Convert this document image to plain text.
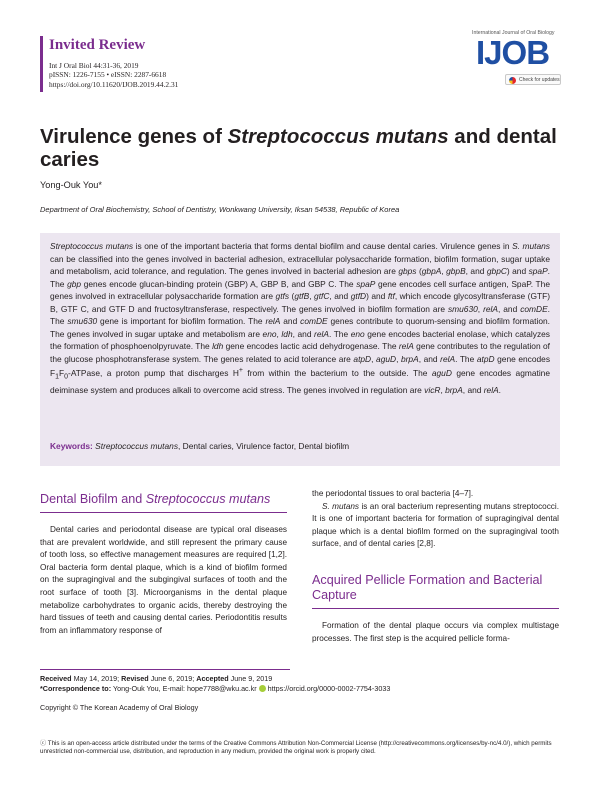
Invited Review
Int J Oral Biol 44:31-36, 2019
pISSN: 1226-7155 • eISSN: 2287-6618
https://doi.org/10.11620/IJOB.2019.44.2.31
International Journal of Oral Biology
IJOB
Check for updates
Virulence genes of Streptococcus mutans and dental caries
Yong-Ouk You*
Department of Oral Biochemistry, School of Dentistry, Wonkwang University, Iksan 54538, Republic of Korea
Streptococcus mutans is one of the important bacteria that forms dental biofilm and cause dental caries. Virulence genes in S. mutans can be classified into the genes involved in bacterial adhesion, extracellular polysaccharide formation, biofilm formation, sugar uptake and metabolism, acid tolerance, and regulation. The genes involved in bacterial adhesion are gbps (gbpA, gbpB, and gbpC) and spaP. The gbp genes encode glucan-binding protein (GBP) A, GBP B, and GBP C. The spaP gene encodes cell surface antigen, SpaP. The genes involved in extracellular polysaccharide formation are gtfs (gtfB, gtfC, and gtfD) and ftf, which encode glycosyltransferase (GTF) B, GTF C, and GTF D and fructosyltransferase, respectively. The genes involved in biofilm formation are smu630, relA, and comDE. The smu630 gene is important for biofilm formation. The relA and comDE genes contribute to quorum-sensing and biofilm formation. The genes involved in sugar uptake and metabolism are eno, ldh, and relA. The eno gene encodes bacterial enolase, which catalyzes the formation of phosphoenolpyruvate. The ldh gene encodes lactic acid dehydrogenase. The relA gene contributes to the regulation of the glucose phosphotransferase system. The genes related to acid tolerance are atpD, aguD, brpA, and relA. The atpD gene encodes $F_1F_0$-ATPase, a proton pump that discharges H+ from within the bacterium to the outside. The aguD gene encodes agmatine deiminase system and produces alkali to overcome acid stress. The genes involved in regulation are vicR, brpA, and relA.
Keywords: Streptococcus mutans, Dental caries, Virulence factor, Dental biofilm
Dental Biofilm and Streptococcus mutans
Dental caries and periodontal disease are typical oral diseases that are prevalent worldwide, and still represent the primary cause of tooth loss, so effective management measures are required [1,2]. Oral bacteria form dental plaque, which is a kind of biofilm formed on the supragingival and the subgingival surfaces of tooth and the root surface of tooth [3]. Microorganisms in the dental plaque metabolize carbohydrates to organic acids, thereby destroying the hard tissues of teeth and causing dental caries. Periodontitis results from an inflammatory response of
the periodontal tissues to oral bacteria [4–7].
S. mutans is an oral bacterium representing mutans streptococci. It is one of important bacteria for formation of supragingival dental plaque which is a dental biofilm formed on the supragingival tooth surface, and of dental caries [2,8].
Acquired Pellicle Formation and Bacterial Capture
Formation of the dental plaque occurs via complex multistage processes. The first step is the acquired pellicle forma-
Received May 14, 2019; Revised June 6, 2019; Accepted June 9, 2019
*Correspondence to: Yong-Ouk You, E-mail: hope7788@wku.ac.kr https://orcid.org/0000-0002-7754-3033
Copyright © The Korean Academy of Oral Biology
ⓒ This is an open-access article distributed under the terms of the Creative Commons Attribution Non-Commercial License (http://creativecommons.org/licenses/by-nc/4.0/), which permits unrestricted non-commercial use, distribution, and reproduction in any medium, provided the original work is properly cited.
